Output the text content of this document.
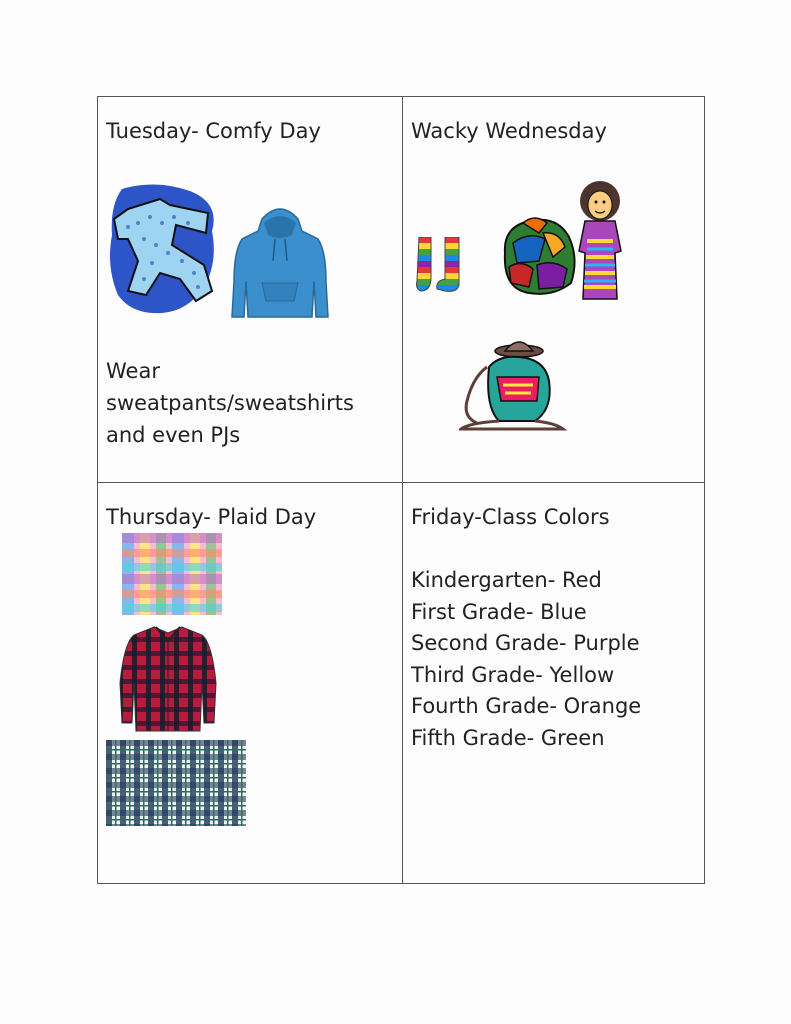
Tuesday- Comfy Day
Wear sweatpants/sweatshirts and even PJs
Wacky Wednesday
Thursday- Plaid Day	Friday-Class Colors
Kindergarten- Red
First Grade- Blue
Second Grade- Purple
Third Grade- Yellow
Fourth Grade- Orange
Fifth Grade- Green
